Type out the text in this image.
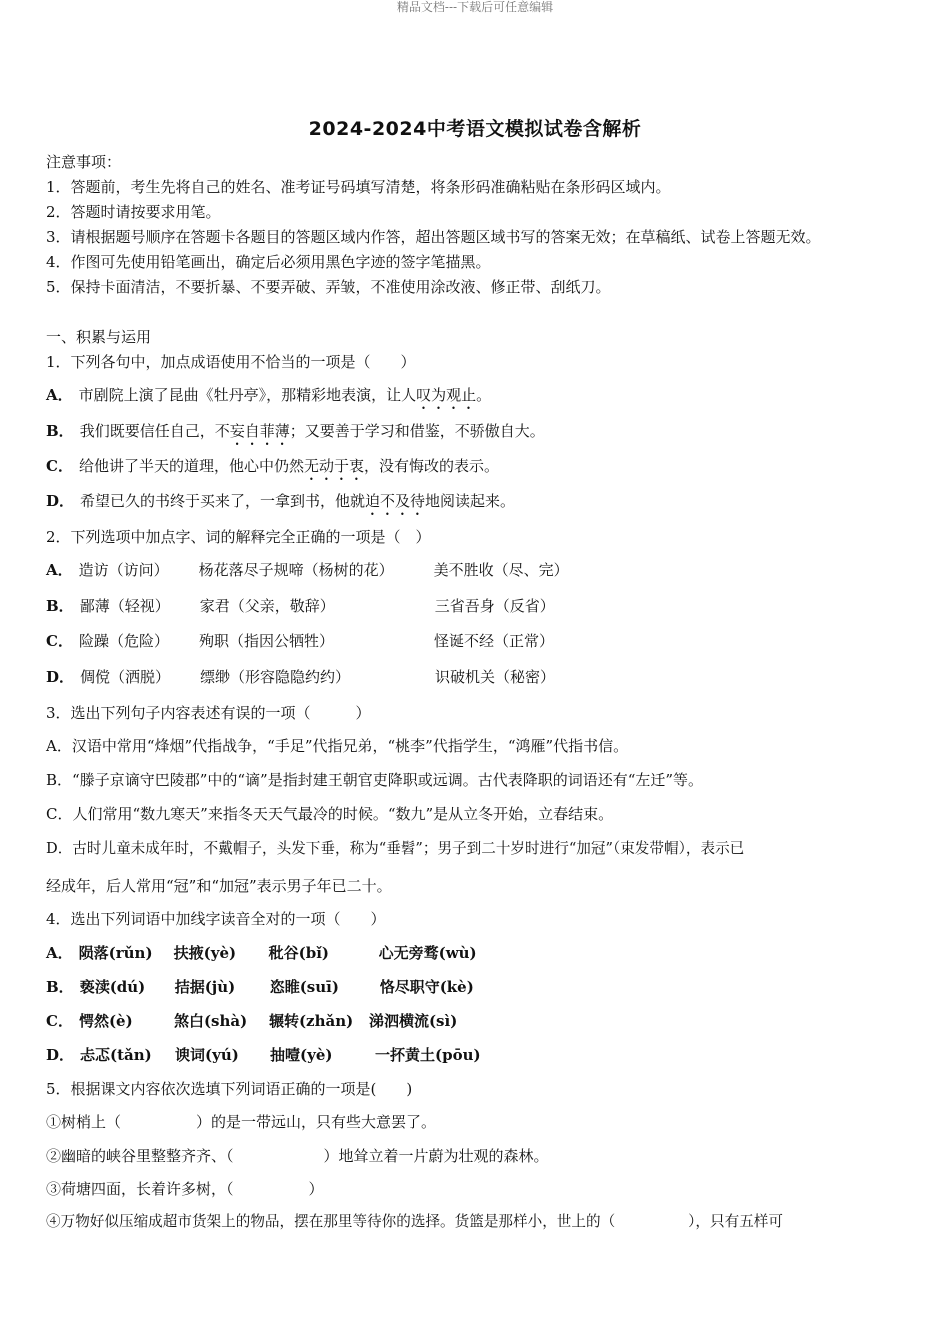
精品文档---下载后可任意编辑
2024-2024中考语文模拟试卷含解析
注意事项：
1．答题前，考生先将自己的姓名、准考证号码填写清楚，将条形码准确粘贴在条形码区域内。
2．答题时请按要求用笔。
3．请根据题号顺序在答题卡各题目的答题区域内作答，超出答题区域书写的答案无效；在草稿纸、试卷上答题无效。
4．作图可先使用铅笔画出，确定后必须用黑色字迹的签字笔描黑。
5．保持卡面清洁，不要折暴、不要弄破、弄皱，不准使用涂改液、修正带、刮纸刀。
一、积累与运用
1．下列各句中，加点成语使用不恰当的一项是（　　）
A． 市剧院上演了昆曲《牡丹亭》，那精彩地表演，让人叹为观止。
B． 我们既要信任自己，不妄自菲薄；又要善于学习和借鉴，不骄傲自大。
C． 给他讲了半天的道理，他心中仍然无动于衷，没有悔改的表示。
D． 希望已久的书终于买来了，一拿到书，他就迫不及待地阅读起来。
2．下列选项中加点字、词的解释完全正确的一项是（　）
A． 造访（访问） 杨花落尽子规啼（杨树的花）	美不胜收（尽、完）
B． 鄙薄（轻视） 家君（父亲，敬辞）	三省吾身（反省）
C． 险躁（危险） 殉职（指因公牺牲）	怪诞不经（正常）
D． 倜傥（洒脱） 缥缈（形容隐隐约约）	识破机关（秘密）
3．选出下列句子内容表述有误的一项（　　　）
A．汉语中常用“烽烟”代指战争，“手足”代指兄弟，“桃李”代指学生，“鸿雁”代指书信。
B．“滕子京谪守巴陵郡”中的“谪”是指封建王朝官吏降职或远调。古代表降职的词语还有“左迁”等。
C．人们常用“数九寒天”来指冬天天气最冷的时候。“数九”是从立冬开始，立春结束。
D．古时儿童未成年时，不戴帽子，头发下垂，称为“垂髫”；男子到二十岁时进行“加冠”（束发带帽），表示已
经成年，后人常用“冠”和“加冠”表示男子年已二十。
4．选出下列词语中加线字读音全对的一项（　　）
A． 陨落(rǔn) 扶掖(yè) 秕谷(bǐ)	心无旁骛(wù)
B． 亵渎(dú) 拮据(jù) 恣睢(suī)	恪尽职守(kè)
C． 愕然(è)	煞白(shà) 辗转(zhǎn) 涕泗横流(sì)
D． 忐忑(tǎn) 谀词(yú) 抽噎(yè)	一抔黄土(pōu)
5．根据课文内容依次选填下列词语正确的一项是(　　)
①树梢上（　　　　　）的是一带远山，只有些大意罢了。
②幽暗的峡谷里整整齐齐、（　　　　　　）地耸立着一片蔚为壮观的森林。
③荷塘四面，长着许多树，（　　　　　）
④万物好似压缩成超市货架上的物品，摆在那里等待你的选择。货篮是那样小，世上的（　　　　　），只有五样可
